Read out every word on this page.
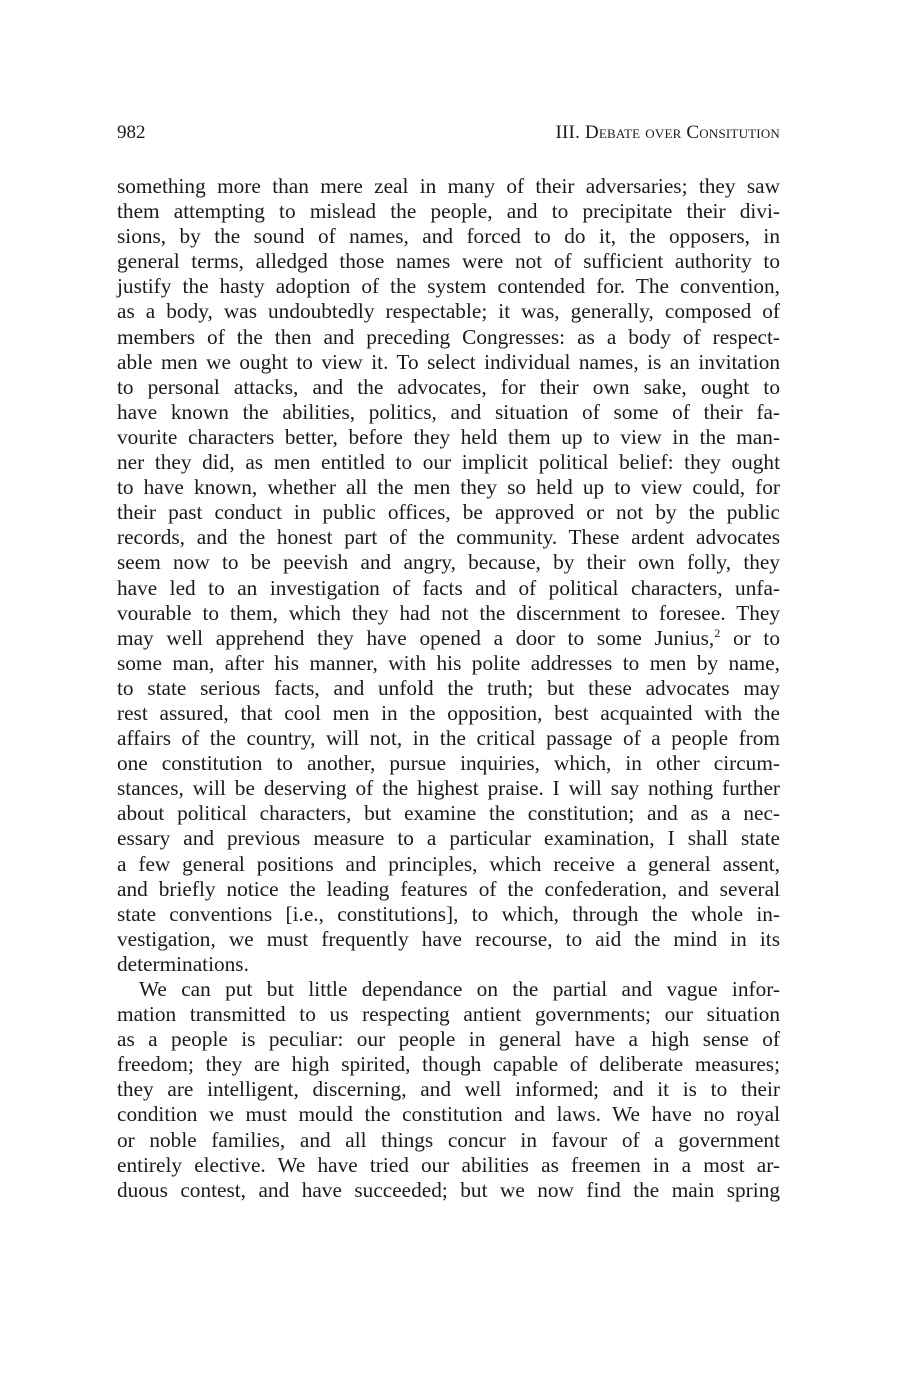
982	III. Debate over Consitution

something more than mere zeal in many of their adversaries; they saw
them attempting to mislead the people, and to precipitate their divi-
sions, by the sound of names, and forced to do it, the opposers, in
general terms, alledged those names were not of sufficient authority to
justify the hasty adoption of the system contended for. The convention,
as a body, was undoubtedly respectable; it was, generally, composed of
members of the then and preceding Congresses: as a body of respect-
able men we ought to view it. To select individual names, is an invitation
to personal attacks, and the advocates, for their own sake, ought to
have known the abilities, politics, and situation of some of their fa-
vourite characters better, before they held them up to view in the man-
ner they did, as men entitled to our implicit political belief: they ought
to have known, whether all the men they so held up to view could, for
their past conduct in public offices, be approved or not by the public
records, and the honest part of the community. These ardent advocates
seem now to be peevish and angry, because, by their own folly, they
have led to an investigation of facts and of political characters, unfa-
vourable to them, which they had not the discernment to foresee. They
may well apprehend they have opened a door to some Junius,$^2$ or to
some man, after his manner, with his polite addresses to men by name,
to state serious facts, and unfold the truth; but these advocates may
rest assured, that cool men in the opposition, best acquainted with the
affairs of the country, will not, in the critical passage of a people from
one constitution to another, pursue inquiries, which, in other circum-
stances, will be deserving of the highest praise. I will say nothing further
about political characters, but examine the constitution; and as a nec-
essary and previous measure to a particular examination, I shall state
a few general positions and principles, which receive a general assent,
and briefly notice the leading features of the confederation, and several
state conventions [i.e., constitutions], to which, through the whole in-
vestigation, we must frequently have recourse, to aid the mind in its
determinations.

We can put but little dependance on the partial and vague infor-
mation transmitted to us respecting antient governments; our situation
as a people is peculiar: our people in general have a high sense of
freedom; they are high spirited, though capable of deliberate measures;
they are intelligent, discerning, and well informed; and it is to their
condition we must mould the constitution and laws. We have no royal
or noble families, and all things concur in favour of a government
entirely elective. We have tried our abilities as freemen in a most ar-
duous contest, and have succeeded; but we now find the main spring
